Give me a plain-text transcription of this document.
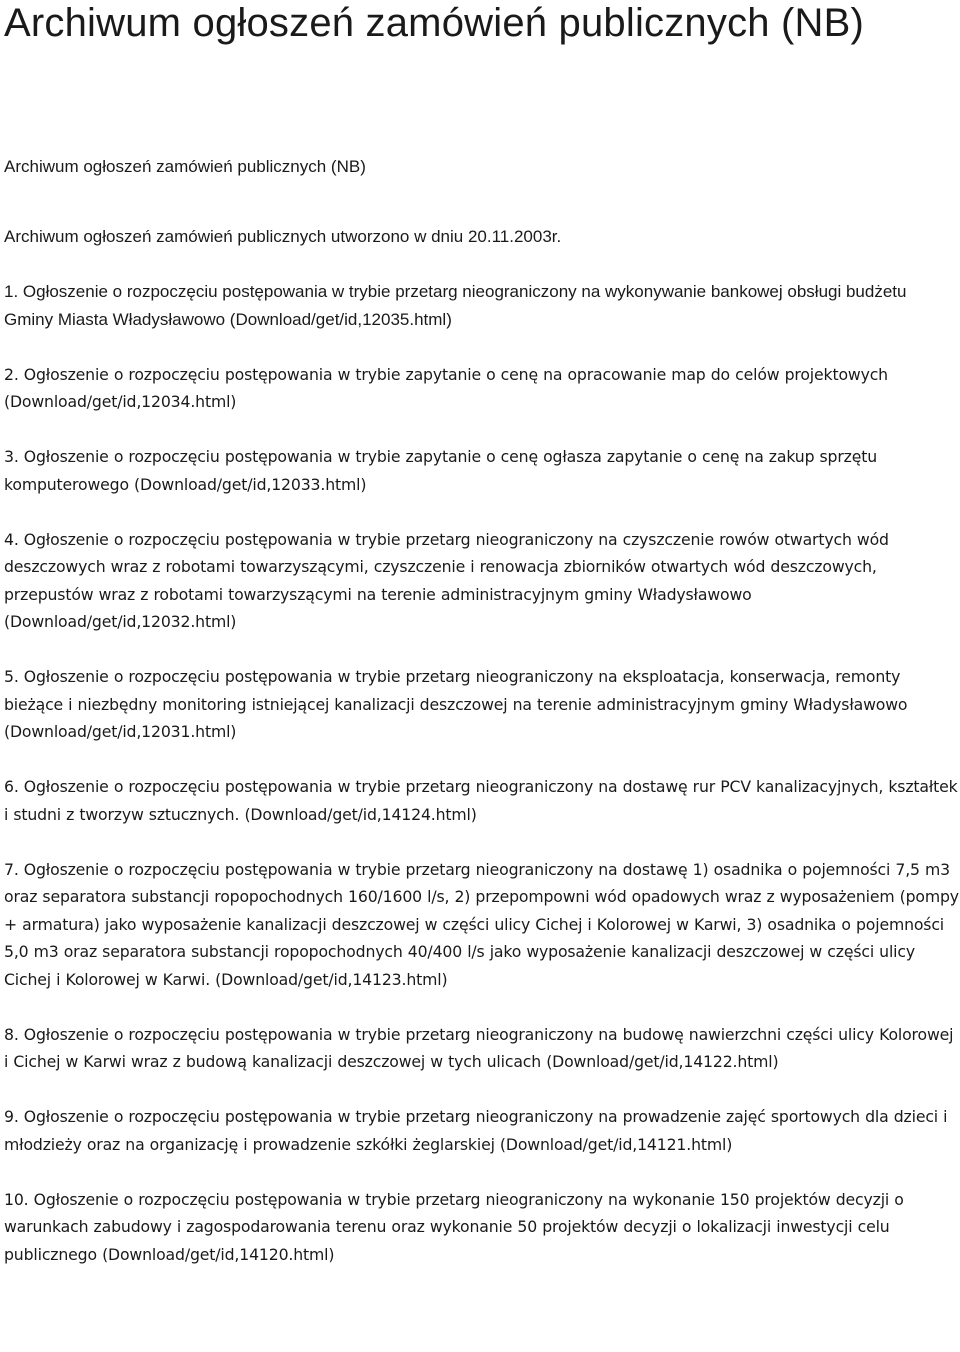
Archiwum ogłoszeń zamówień publicznych (NB)

Archiwum ogłoszeń zamówień publicznych (NB)

Archiwum ogłoszeń zamówień publicznych utworzono w dniu 20.11.2003r.

1. Ogłoszenie o rozpoczęciu postępowania w trybie przetarg nieograniczony na wykonywanie bankowej obsługi budżetu Gminy Miasta Władysławowo (Download/get/id,12035.html)
2. Ogłoszenie o rozpoczęciu postępowania w trybie zapytanie o cenę na opracowanie map do celów projektowych (Download/get/id,12034.html)
3. Ogłoszenie o rozpoczęciu postępowania w trybie zapytanie o cenę ogłasza zapytanie o cenę na zakup sprzętu komputerowego (Download/get/id,12033.html)
4. Ogłoszenie o rozpoczęciu postępowania w trybie przetarg nieograniczony na czyszczenie rowów otwartych wód deszczowych wraz z robotami towarzyszącymi, czyszczenie i renowacja zbiorników otwartych wód deszczowych, przepustów wraz z robotami towarzyszącymi na terenie administracyjnym gminy Władysławowo (Download/get/id,12032.html)
5. Ogłoszenie o rozpoczęciu postępowania w trybie przetarg nieograniczony na eksploatacja, konserwacja, remonty bieżące i niezbędny monitoring istniejącej kanalizacji deszczowej na terenie administracyjnym gminy Władysławowo (Download/get/id,12031.html)
6. Ogłoszenie o rozpoczęciu postępowania w trybie przetarg nieograniczony na dostawę rur PCV kanalizacyjnych, kształtek i studni z tworzyw sztucznych. (Download/get/id,14124.html)
7. Ogłoszenie o rozpoczęciu postępowania w trybie przetarg nieograniczony na dostawę 1) osadnika o pojemności 7,5 m3 oraz separatora substancji ropopochodnych 160/1600 l/s, 2) przepompowni wód opadowych wraz z wyposażeniem (pompy + armatura) jako wyposażenie kanalizacji deszczowej w części ulicy Cichej i Kolorowej w Karwi, 3) osadnika o pojemności 5,0 m3 oraz separatora substancji ropopochodnych 40/400 l/s jako wyposażenie kanalizacji deszczowej w części ulicy Cichej i Kolorowej w Karwi. (Download/get/id,14123.html)
8. Ogłoszenie o rozpoczęciu postępowania w trybie przetarg nieograniczony na budowę nawierzchni części ulicy Kolorowej i Cichej w Karwi wraz z budową kanalizacji deszczowej w tych ulicach (Download/get/id,14122.html)
9. Ogłoszenie o rozpoczęciu postępowania w trybie przetarg nieograniczony na prowadzenie zajęć sportowych dla dzieci i młodzieży oraz na organizację i prowadzenie szkółki żeglarskiej (Download/get/id,14121.html)
10. Ogłoszenie o rozpoczęciu postępowania w trybie przetarg nieograniczony na wykonanie 150 projektów decyzji o warunkach zabudowy i zagospodarowania terenu oraz wykonanie 50 projektów decyzji o lokalizacji inwestycji celu publicznego (Download/get/id,14120.html)
